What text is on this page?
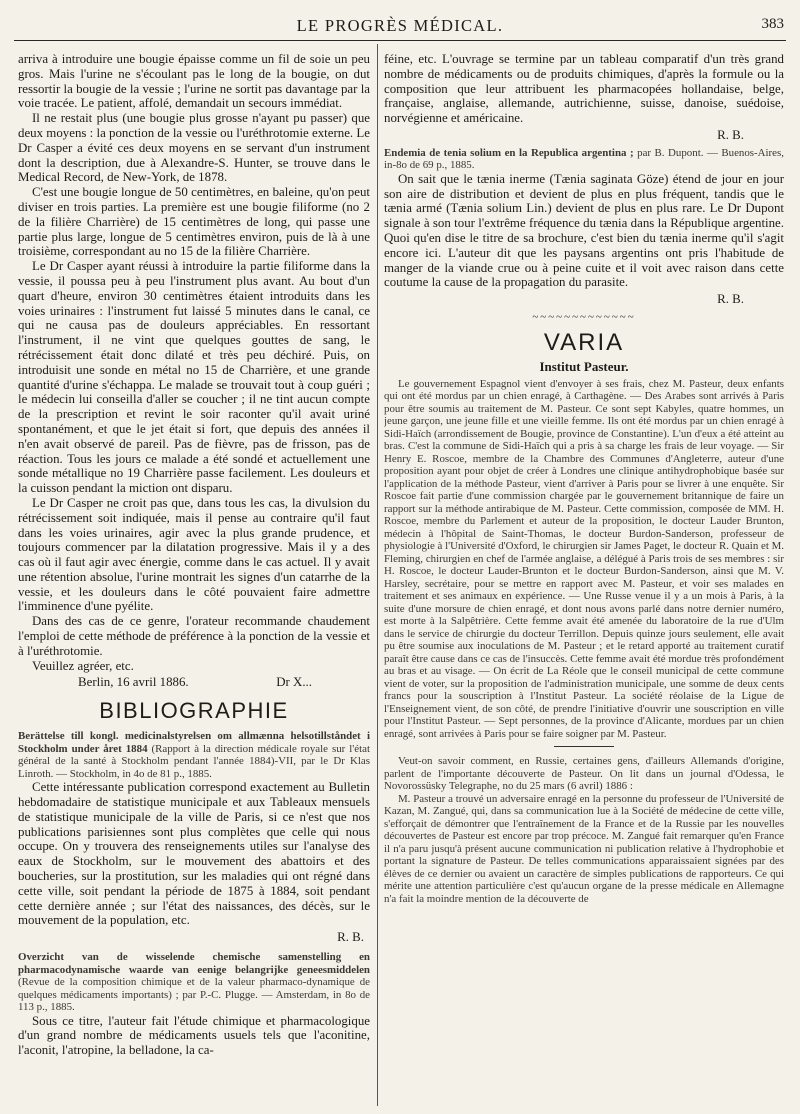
LE PROGRÈS MÉDICAL.	383

arriva à introduire une bougie épaisse comme un fil de soie un peu gros. Mais l'urine ne s'écoulant pas le long de la bougie, on dut ressortir la bougie de la vessie ; l'urine ne sortit pas davantage par la voie tracée. Le patient, affolé, demandait un secours immédiat.

Il ne restait plus (une bougie plus grosse n'ayant pu passer) que deux moyens : la ponction de la vessie ou l'uréthrotomie externe. Le Dr Casper a évité ces deux moyens en se servant d'un instrument dont la description, due à Alexandre-S. Hunter, se trouve dans le Medical Record, de New-York, de 1878.

C'est une bougie longue de 50 centimètres, en baleine, qu'on peut diviser en trois parties. La première est une bougie filiforme (no 2 de la filière Charrière) de 15 centimètres de long, qui passe une partie plus large, longue de 5 centimètres environ, puis de là à une troisième, correspondant au no 15 de la filière Charrière.

Le Dr Casper ayant réussi à introduire la partie filiforme dans la vessie, il poussa peu à peu l'instrument plus avant. Au bout d'un quart d'heure, environ 30 centimètres étaient introduits dans les voies urinaires : l'instrument fut laissé 5 minutes dans le canal, ce qui ne causa pas de douleurs appréciables. En ressortant l'instrument, il ne vint que quelques gouttes de sang, le rétrécissement était donc dilaté et très peu déchiré. Puis, on introduisit une sonde en métal no 15 de Charrière, et une grande quantité d'urine s'échappa. Le malade se trouvait tout à coup guéri ; le médecin lui conseilla d'aller se coucher ; il ne tint aucun compte de la prescription et revint le soir raconter qu'il avait uriné spontanément, et que le jet était si fort, que depuis des années il n'en avait observé de pareil. Pas de fièvre, pas de frisson, pas de réaction. Tous les jours ce malade a été sondé et actuellement une sonde métallique no 19 Charrière passe facilement. Les douleurs et la cuisson pendant la miction ont disparu.

Le Dr Casper ne croit pas que, dans tous les cas, la divulsion du rétrécissement soit indiquée, mais il pense au contraire qu'il faut dans les voies urinaires, agir avec la plus grande prudence, et toujours commencer par la dilatation progressive. Mais il y a des cas où il faut agir avec énergie, comme dans le cas actuel. Il y avait une rétention absolue, l'urine montrait les signes d'un catarrhe de la vessie, et les douleurs dans le côté pouvaient faire admettre l'imminence d'une pyélite.

Dans des cas de ce genre, l'orateur recommande chaudement l'emploi de cette méthode de préférence à la ponction de la vessie et à l'uréthrotomie.

Veuillez agréer, etc.

Berlin, 16 avril 1886.	Dr X...
BIBLIOGRAPHIE

Berättelse till kongl. medicinalstyrelsen om allmænna helsotillståndet i Stockholm under året 1884 (Rapport à la direction médicale royale sur l'état général de la santé à Stockholm pendant l'année 1884)-VII, par le Dr Klas Linroth. — Stockholm, in 4o de 81 p., 1885.

Cette intéressante publication correspond exactement au Bulletin hebdomadaire de statistique municipale et aux Tableaux mensuels de statistique municipale de la ville de Paris, si ce n'est que nos publications parisiennes sont plus complètes que celle qui nous occupe. On y trouvera des renseignements utiles sur l'analyse des eaux de Stockholm, sur le mouvement des abattoirs et des boucheries, sur la prostitution, sur les maladies qui ont régné dans cette ville, soit pendant la période de 1875 à 1884, soit pendant cette dernière année ; sur l'état des naissances, des décès, sur le mouvement de la population, etc.

R. B.

Overzicht van de wisselende chemische samenstelling en pharmacodynamische waarde van eenige belangrijke geneesmiddelen (Revue de la composition chimique et de la valeur pharmaco-dynamique de quelques médicaments importants) ; par P.-C. Plugge. — Amsterdam, in 8o de 113 p., 1885.

Sous ce titre, l'auteur fait l'étude chimique et pharmacologique d'un grand nombre de médicaments usuels tels que l'aconitine, l'aconit, l'atropine, la belladone, la ca-

féine, etc. L'ouvrage se termine par un tableau comparatif d'un très grand nombre de médicaments ou de produits chimiques, d'après la formule ou la composition que leur attribuent les pharmacopées hollandaise, belge, française, anglaise, allemande, autrichienne, suisse, danoise, suédoise, norvégienne et américaine.

R. B.

Endemia de tenia solium en la Republica argentina ; par B. Dupont. — Buenos-Aires, in-8o de 69 p., 1885.

On sait que le tænia inerme (Tænia saginata Göze) étend de jour en jour son aire de distribution et devient de plus en plus fréquent, tandis que le tænia armé (Tænia solium Lin.) devient de plus en plus rare. Le Dr Dupont signale à son tour l'extrême fréquence du tænia dans la République argentine. Quoi qu'en dise le titre de sa brochure, c'est bien du tænia inerme qu'il s'agit encore ici. L'auteur dit que les paysans argentins ont pris l'habitude de manger de la viande crue ou à peine cuite et il voit avec raison dans cette coutume la cause de la propagation du parasite.

R. B.
~~~~~~~~~~~~~
VARIA
Institut Pasteur.

Le gouvernement Espagnol vient d'envoyer à ses frais, chez M. Pasteur, deux enfants qui ont été mordus par un chien enragé, à Carthagène. — Des Arabes sont arrivés à Paris pour être soumis au traitement de M. Pasteur. Ce sont sept Kabyles, quatre hommes, un jeune garçon, une jeune fille et une vieille femme. Ils ont été mordus par un chien enragé à Sidi-Haïch (arrondissement de Bougie, province de Constantine). L'un d'eux a été atteint au bras. C'est la commune de Sidi-Haïch qui a pris à sa charge les frais de leur voyage. — Sir Henry E. Roscoe, membre de la Chambre des Communes d'Angleterre, auteur d'une proposition ayant pour objet de créer à Londres une clinique antihydrophobique basée sur l'application de la méthode Pasteur, vient d'arriver à Paris pour se livrer à une enquête. Sir Roscoe fait partie d'une commission chargée par le gouvernement britannique de faire un rapport sur la méthode antirabique de M. Pasteur. Cette commission, composée de MM. H. Roscoe, membre du Parlement et auteur de la proposition, le docteur Lauder Brunton, médecin à l'hôpital de Saint-Thomas, le docteur Burdon-Sanderson, professeur de physiologie à l'Université d'Oxford, le chirurgien sir James Paget, le docteur R. Quain et M. Fleming, chirurgien en chef de l'armée anglaise, a délégué à Paris trois de ses membres : sir H. Roscoe, le docteur Lauder-Brunton et le docteur Burdon-Sanderson, ainsi que M. V. Harsley, secrétaire, pour se mettre en rapport avec M. Pasteur, et voir ses malades en traitement et ses animaux en expérience. — Une Russe venue il y a un mois à Paris, à la suite d'une morsure de chien enragé, et dont nous avons parlé dans notre dernier numéro, est morte à la Salpêtrière. Cette femme avait été amenée du laboratoire de la rue d'Ulm dans le service de chirurgie du docteur Terrillon. Depuis quinze jours seulement, elle avait pu être soumise aux inoculations de M. Pasteur ; et le retard apporté au traitement curatif paraît être cause dans ce cas de l'insuccès. Cette femme avait été mordue très profondément au bras et au visage. — On écrit de La Réole que le conseil municipal de cette commune vient de voter, sur la proposition de l'administration municipale, une somme de deux cents francs pour la souscription à l'Institut Pasteur. La société réolaise de la Ligue de l'Enseignement vient, de son côté, de prendre l'initiative d'ouvrir une souscription en ville pour l'Institut Pasteur. — Sept personnes, de la province d'Alicante, mordues par un chien enragé, sont arrivées à Paris pour se faire soigner par M. Pasteur.

Veut-on savoir comment, en Russie, certaines gens, d'ailleurs Allemands d'origine, parlent de l'importante découverte de Pasteur. On lit dans un journal d'Odessa, le Novorossüsky Telegraphe, no du 25 mars (6 avril) 1886 :

M. Pasteur a trouvé un adversaire enragé en la personne du professeur de l'Université de Kazan, M. Zangué, qui, dans sa communication lue à la Société de médecine de cette ville, s'efforçait de démontrer que l'entraînement de la France et de la Russie par les nouvelles découvertes de Pasteur est encore par trop précoce. M. Zangué fait remarquer qu'en France il n'a paru jusqu'à présent aucune communication ni publication relative à l'hydrophobie et portant la signature de Pasteur. De telles communications apparaissaient signées par des élèves de ce dernier ou avaient un caractère de simples publications de rapporteurs. Ce qui mérite une attention particulière c'est qu'aucun organe de la presse médicale en Allemagne n'a fait la moindre mention de la découverte de
